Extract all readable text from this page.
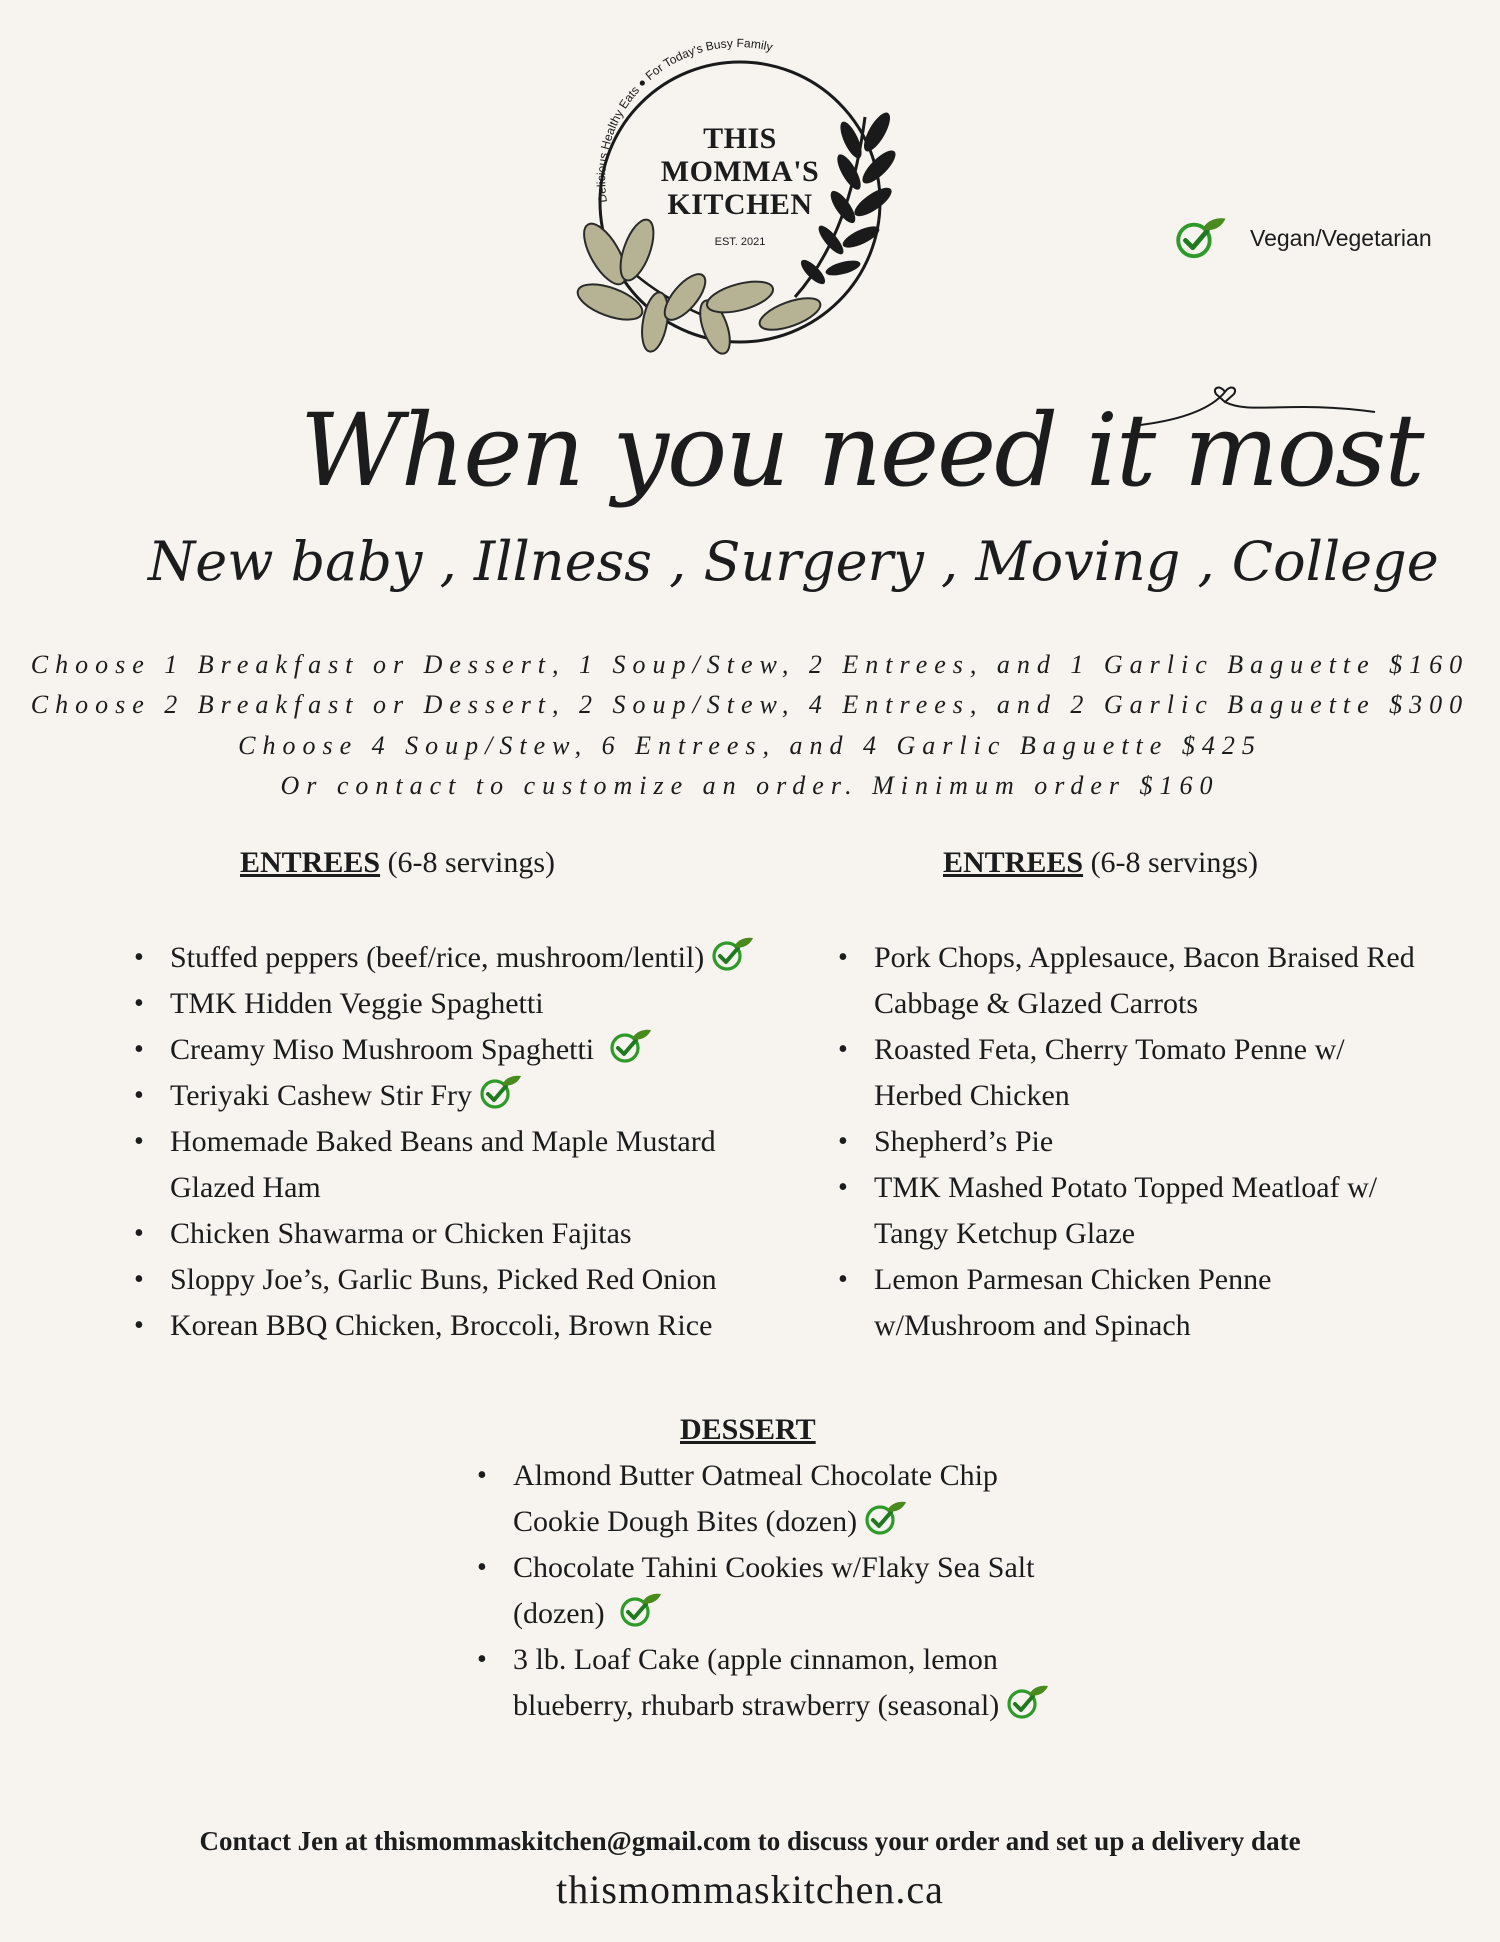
Delicious Healthy Eats ● For Today's Busy Family
THIS
MOMMA'S
KITCHEN
EST. 2021	Vegan/Vegetarian
When you need it most
New baby , Illness , Surgery , Moving , College
Choose 1 Breakfast or Dessert, 1 Soup/Stew, 2 Entrees, and 1 Garlic Baguette $160
Choose 2 Breakfast or Dessert, 2 Soup/Stew, 4 Entrees, and 2 Garlic Baguette $300
Choose 4 Soup/Stew, 6 Entrees, and 4 Garlic Baguette $425
Or contact to customize an order. Minimum order $160
ENTREES (6-8 servings)
• Stuffed peppers (beef/rice, mushroom/lentil)
• TMK Hidden Veggie Spaghetti
• Creamy Miso Mushroom Spaghetti
• Teriyaki Cashew Stir Fry
• Homemade Baked Beans and Maple Mustard Glazed Ham
• Chicken Shawarma or Chicken Fajitas
• Sloppy Joe’s, Garlic Buns, Picked Red Onion
• Korean BBQ Chicken, Broccoli, Brown Rice
ENTREES (6-8 servings)
• Pork Chops, Applesauce, Bacon Braised Red Cabbage & Glazed Carrots
• Roasted Feta, Cherry Tomato Penne w/ Herbed Chicken
• Shepherd’s Pie
• TMK Mashed Potato Topped Meatloaf w/ Tangy Ketchup Glaze
• Lemon Parmesan Chicken Penne w/Mushroom and Spinach
DESSERT
• Almond Butter Oatmeal Chocolate Chip Cookie Dough Bites (dozen)
• Chocolate Tahini Cookies w/Flaky Sea Salt (dozen)
• 3 lb. Loaf Cake (apple cinnamon, lemon blueberry, rhubarb strawberry (seasonal)
Contact Jen at thismommaskitchen@gmail.com to discuss your order and set up a delivery date
thismommaskitchen.ca
